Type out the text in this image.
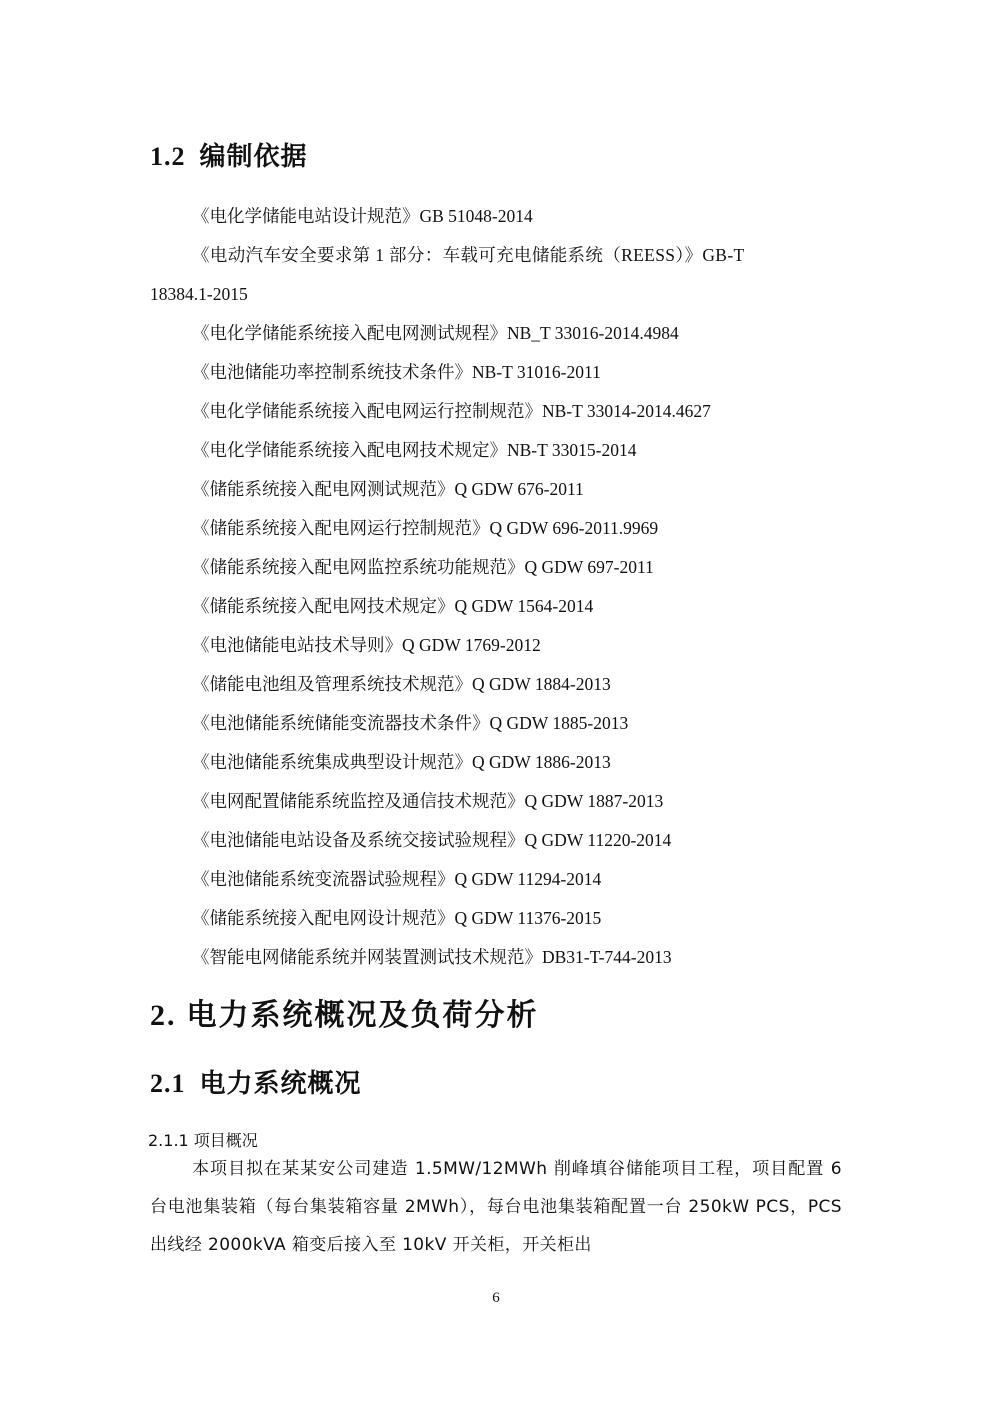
1.2 编制依据
《电化学储能电站设计规范》GB 51048-2014
《电动汽车安全要求第 1 部分：车载可充电储能系统（REESS）》GB-T
18384.1-2015
《电化学储能系统接入配电网测试规程》NB_T 33016-2014.4984
《电池储能功率控制系统技术条件》NB-T 31016-2011
《电化学储能系统接入配电网运行控制规范》NB-T 33014-2014.4627
《电化学储能系统接入配电网技术规定》NB-T 33015-2014
《储能系统接入配电网测试规范》Q GDW 676-2011
《储能系统接入配电网运行控制规范》Q GDW 696-2011.9969
《储能系统接入配电网监控系统功能规范》Q GDW 697-2011
《储能系统接入配电网技术规定》Q GDW 1564-2014
《电池储能电站技术导则》Q GDW 1769-2012
《储能电池组及管理系统技术规范》Q GDW 1884-2013
《电池储能系统储能变流器技术条件》Q GDW 1885-2013
《电池储能系统集成典型设计规范》Q GDW 1886-2013
《电网配置储能系统监控及通信技术规范》Q GDW 1887-2013
《电池储能电站设备及系统交接试验规程》Q GDW 11220-2014
《电池储能系统变流器试验规程》Q GDW 11294-2014
《储能系统接入配电网设计规范》Q GDW 11376-2015
《智能电网储能系统并网装置测试技术规范》DB31-T-744-2013
2. 电力系统概况及负荷分析
2.1 电力系统概况
2.1.1 项目概况

本项目拟在某某安公司建造 1.5MW/12MWh 削峰填谷储能项目工程，项目配置 6 台电池集装箱（每台集装箱容量 2MWh），每台电池集装箱配置一台 250kW PCS，PCS 出线经 2000kVA 箱变后接入至 10kV 开关柜，开关柜出

6
